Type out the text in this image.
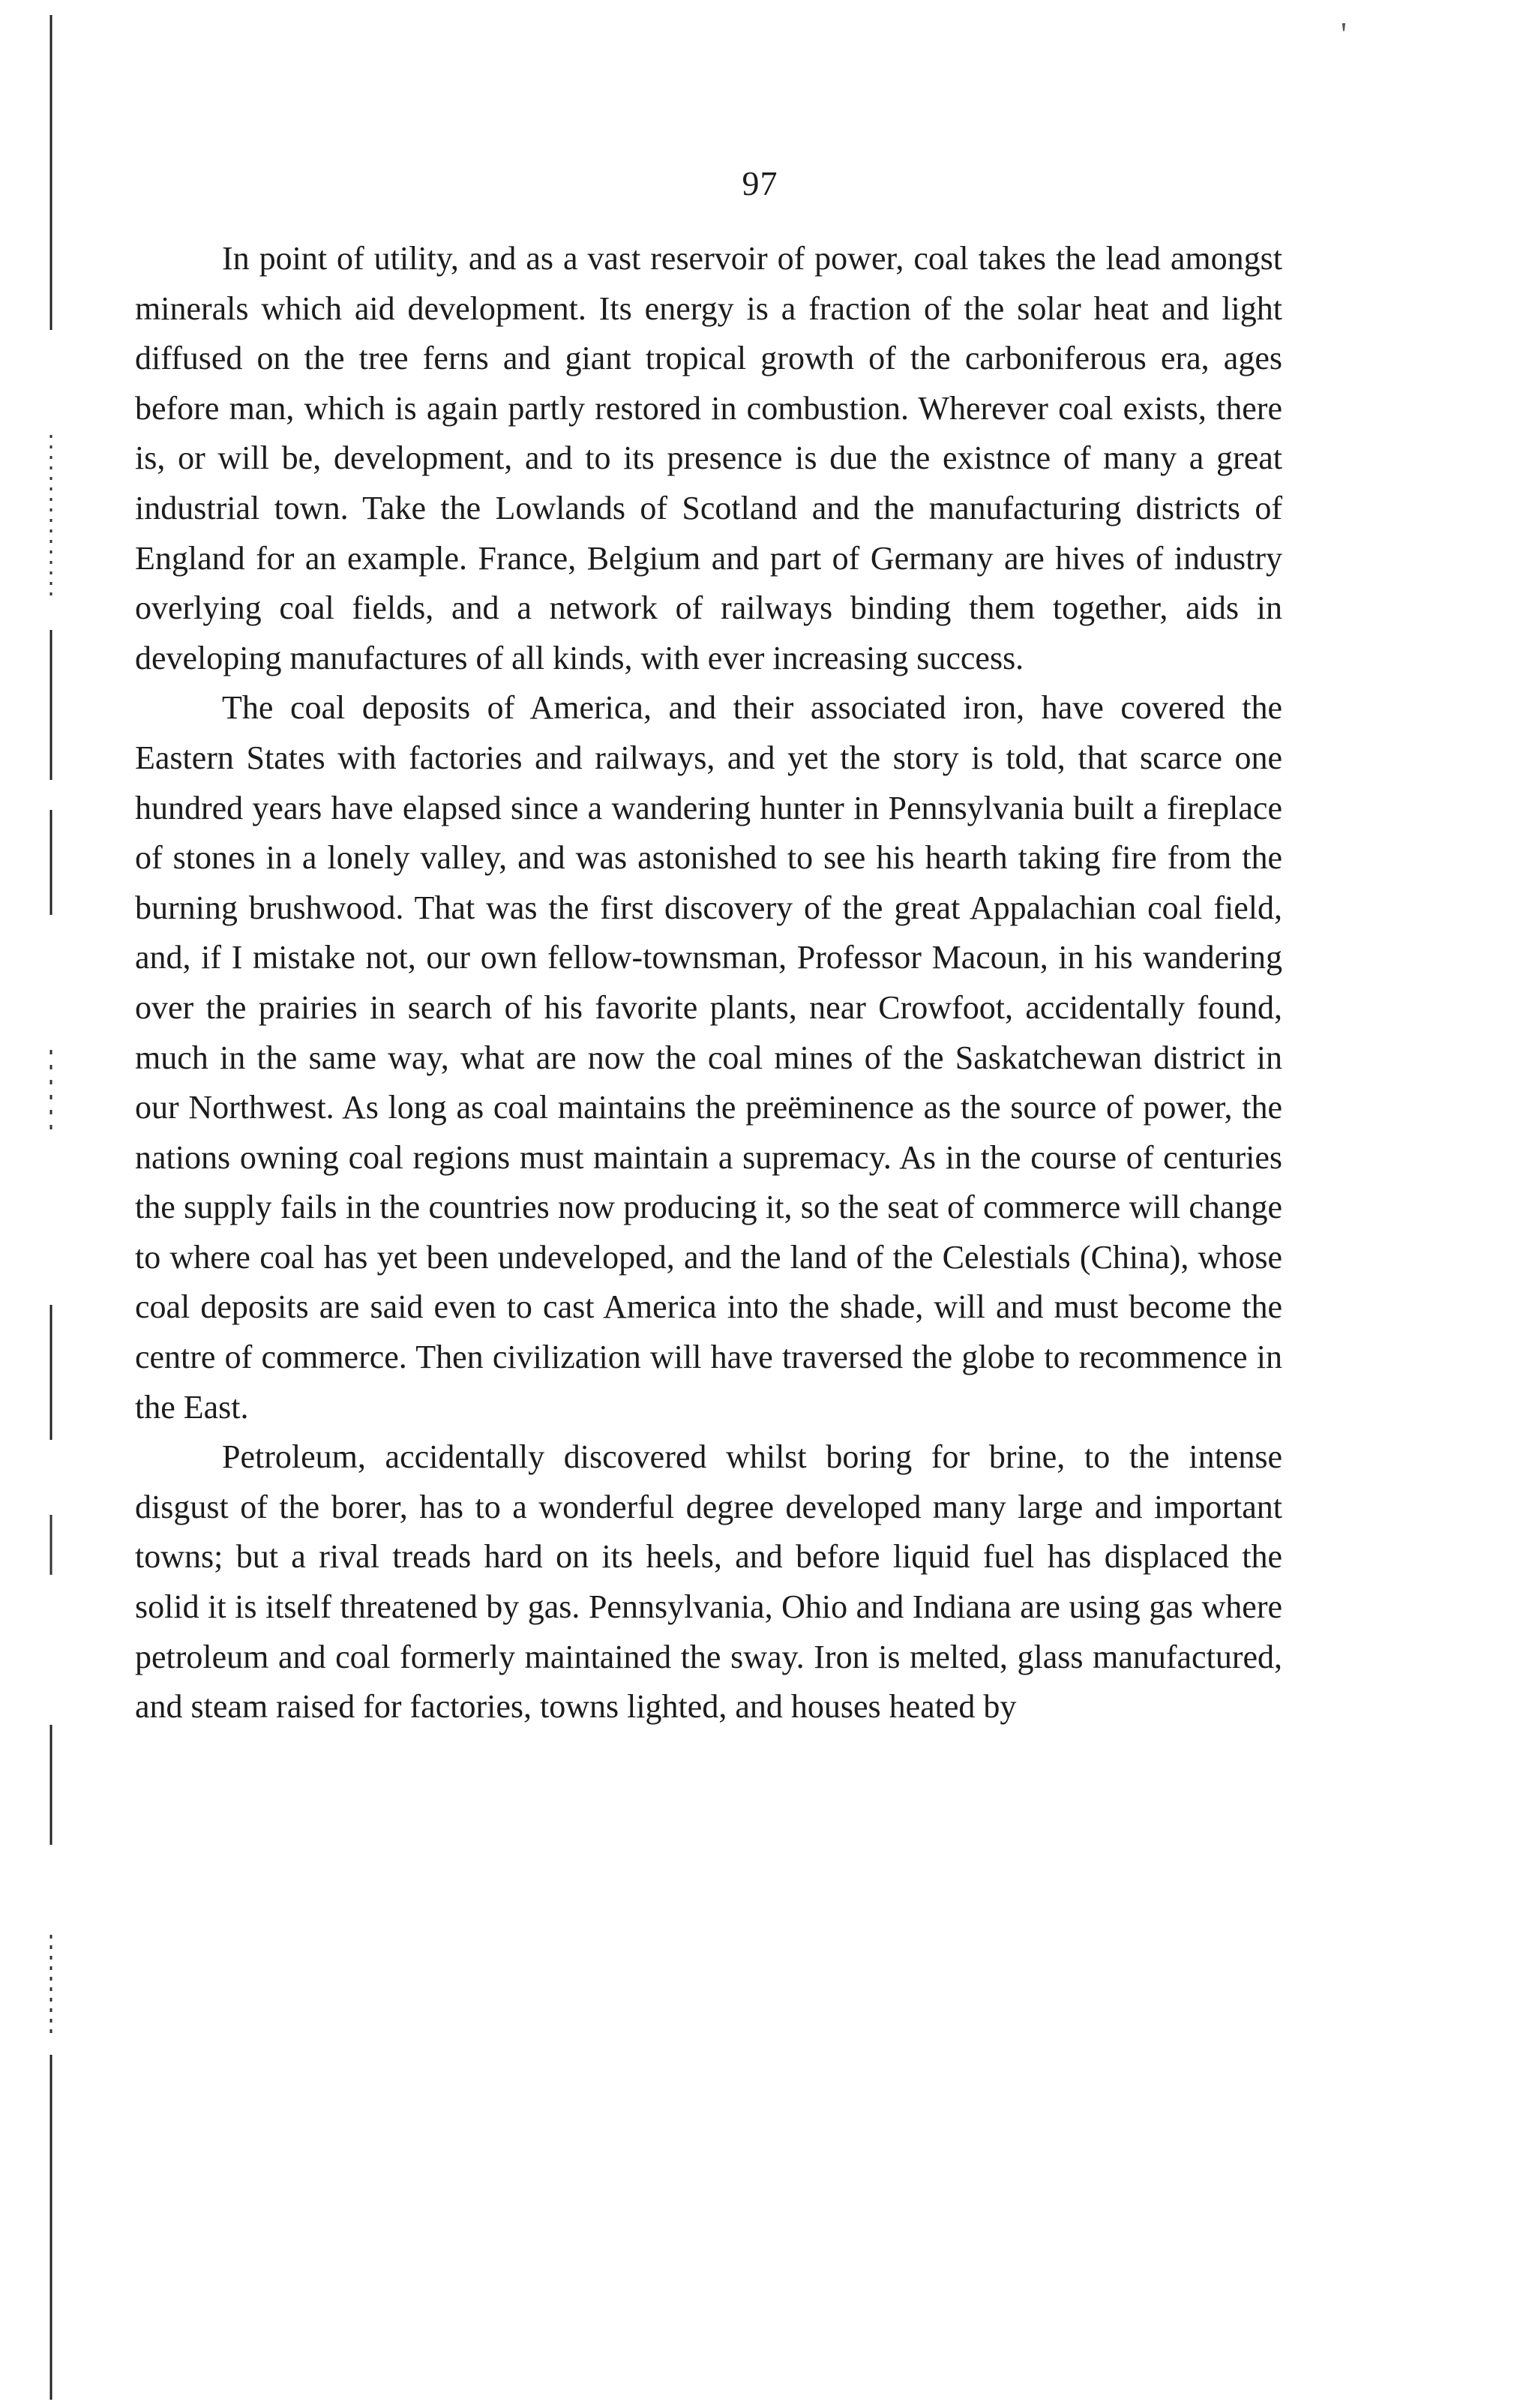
'
97

In point of utility, and as a vast reservoir of power, coal takes the lead amongst minerals which aid development. Its energy is a fraction of the solar heat and light diffused on the tree ferns and giant tropical growth of the carboniferous era, ages before man, which is again partly restored in combustion. Wherever coal exists, there is, or will be, development, and to its presence is due the existnce of many a great industrial town. Take the Lowlands of Scotland and the manufacturing districts of England for an example. France, Belgium and part of Germany are hives of industry overlying coal fields, and a network of railways binding them together, aids in developing manufactures of all kinds, with ever increasing success.

The coal deposits of America, and their associated iron, have covered the Eastern States with factories and railways, and yet the story is told, that scarce one hundred years have elapsed since a wandering hunter in Pennsylvania built a fireplace of stones in a lonely valley, and was astonished to see his hearth taking fire from the burning brushwood. That was the first discovery of the great Appalachian coal field, and, if I mistake not, our own fellow-townsman, Professor Macoun, in his wandering over the prairies in search of his favorite plants, near Crowfoot, accidentally found, much in the same way, what are now the coal mines of the Saskatchewan district in our Northwest. As long as coal maintains the preëminence as the source of power, the nations owning coal regions must maintain a supremacy. As in the course of centuries the supply fails in the countries now producing it, so the seat of commerce will change to where coal has yet been undeveloped, and the land of the Celestials (China), whose coal deposits are said even to cast America into the shade, will and must become the centre of commerce. Then civilization will have traversed the globe to recommence in the East.

Petroleum, accidentally discovered whilst boring for brine, to the intense disgust of the borer, has to a wonderful degree developed many large and important towns; but a rival treads hard on its heels, and before liquid fuel has displaced the solid it is itself threatened by gas. Pennsylvania, Ohio and Indiana are using gas where petroleum and coal formerly maintained the sway. Iron is melted, glass manufactured, and steam raised for factories, towns lighted, and houses heated by
